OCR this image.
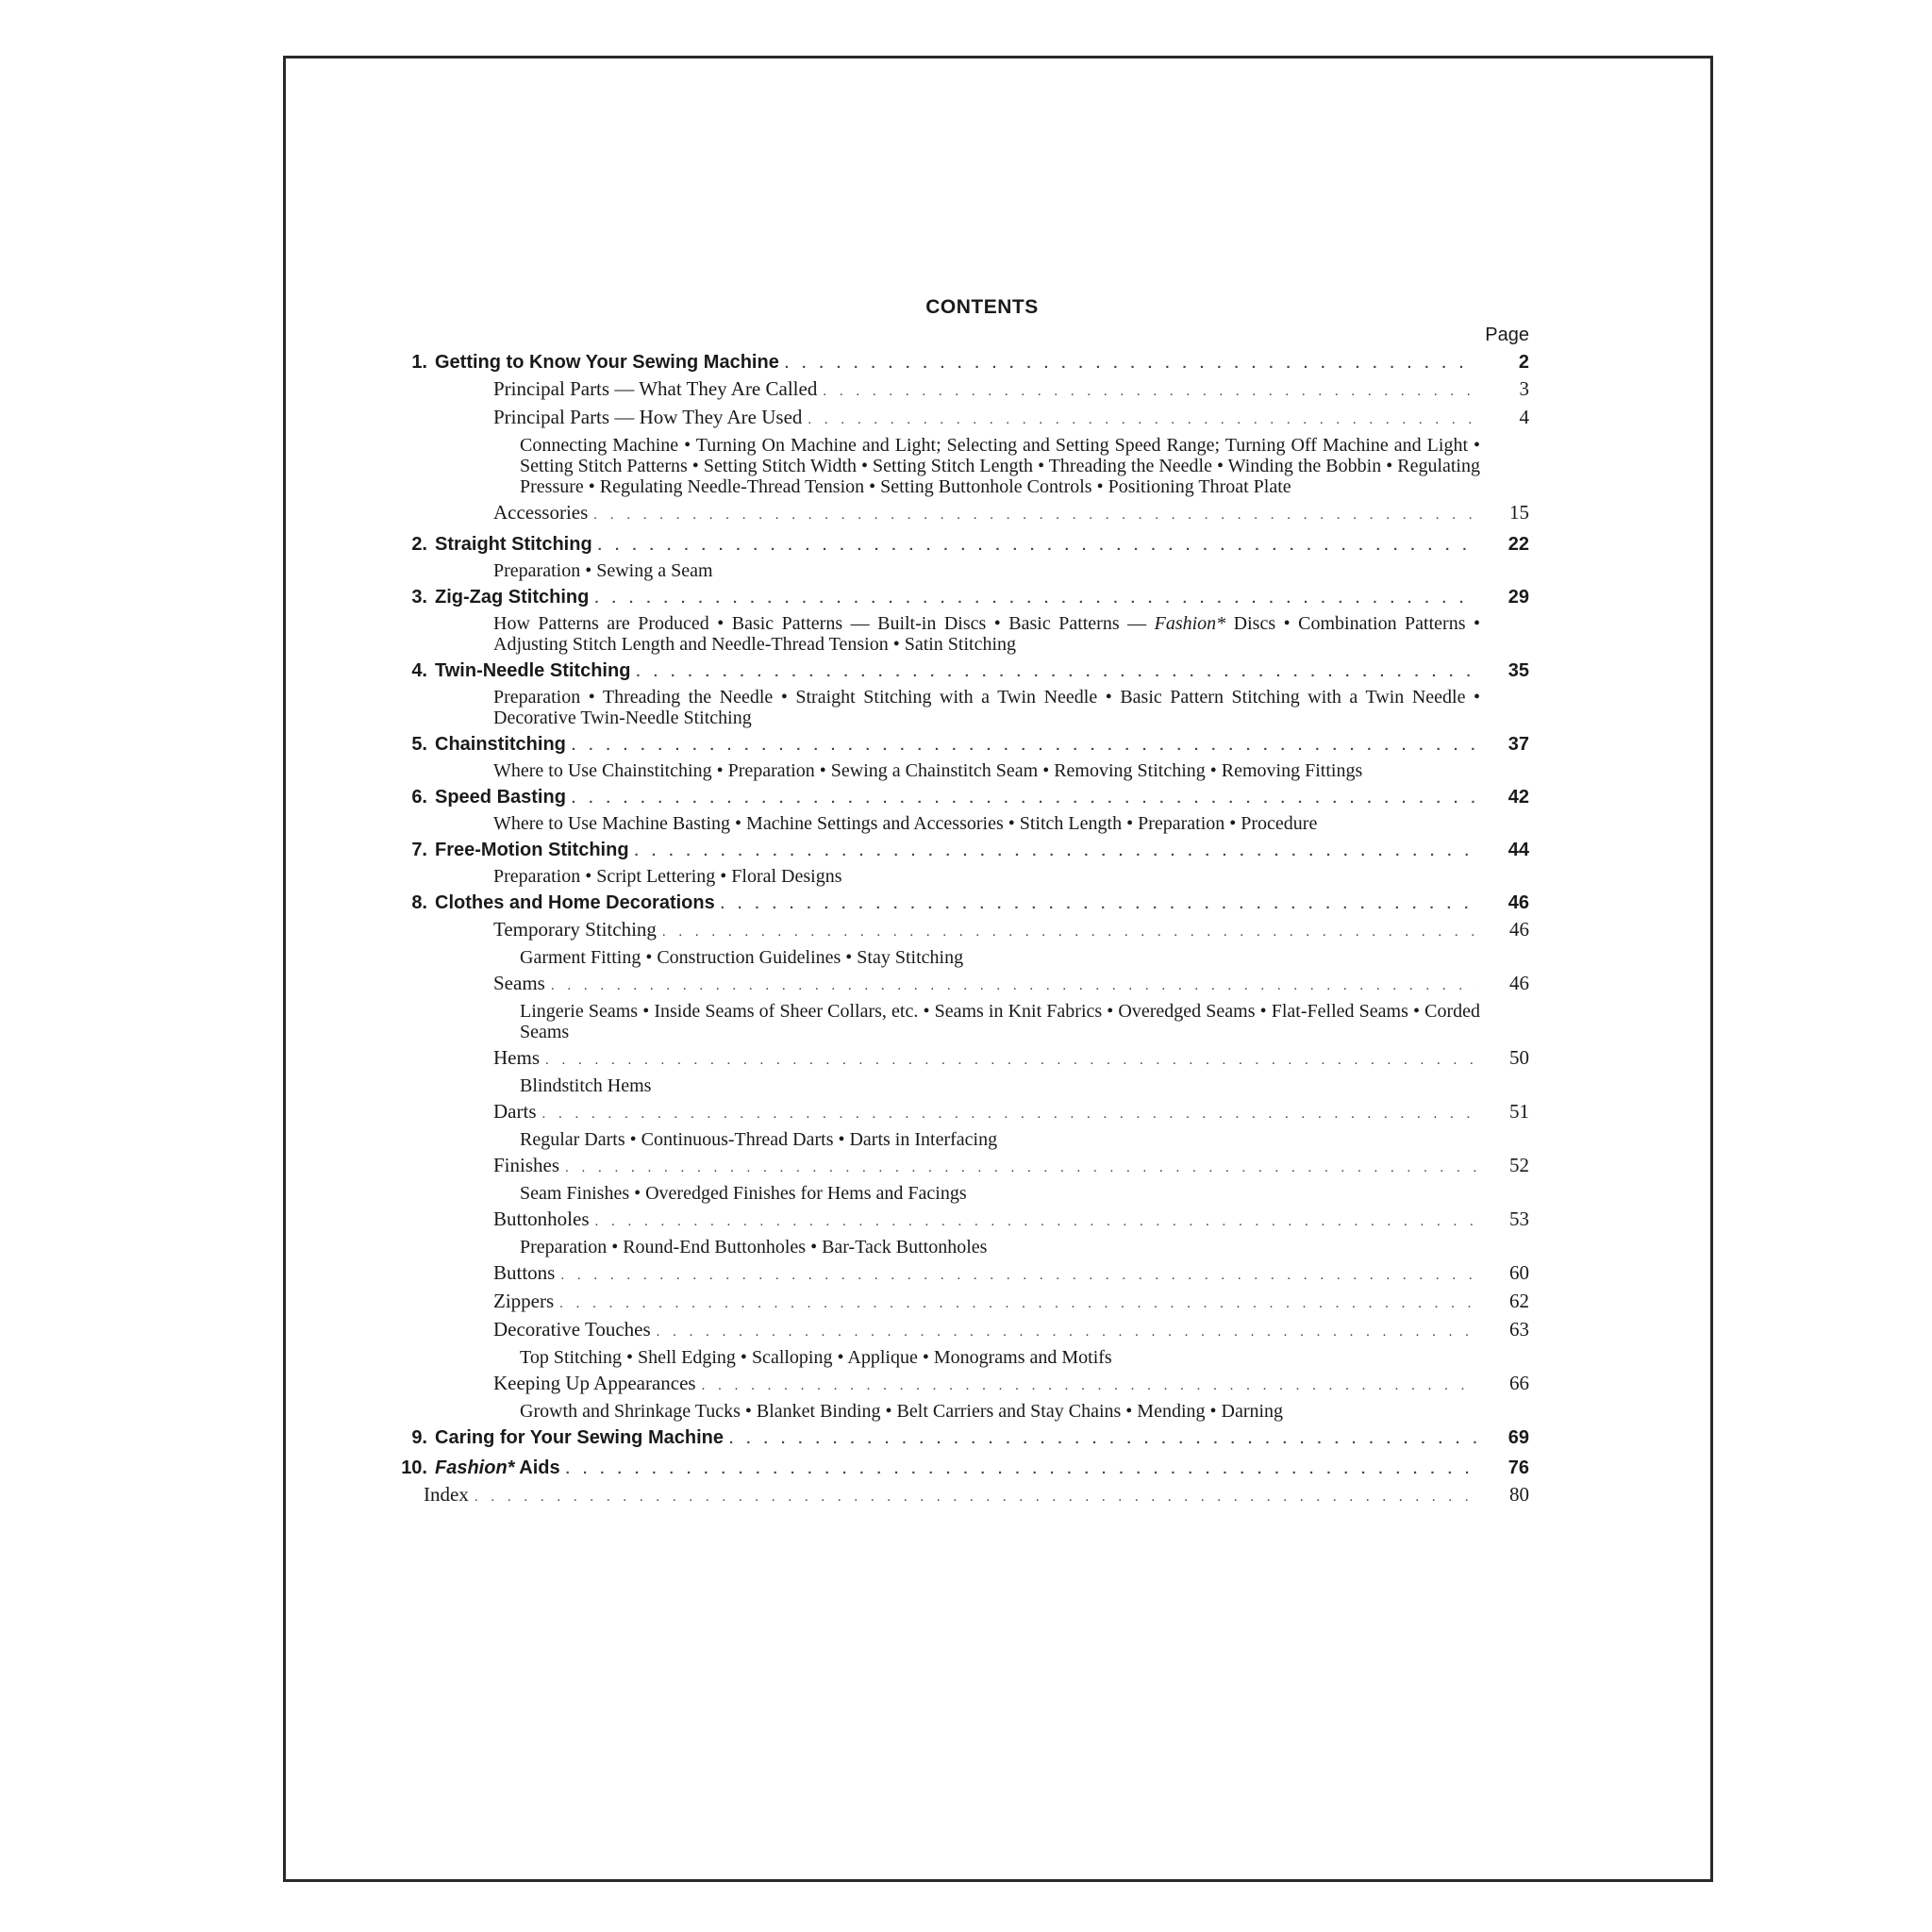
CONTENTS
Page
1. Getting to Know Your Sewing Machine . . .	2
Principal Parts — What They Are Called . . .	3
Principal Parts — How They Are Used . . .	4
Connecting Machine • Turning On Machine and Light; Selecting and Setting Speed Range; Turning Off Machine and Light • Setting Stitch Patterns • Setting Stitch Width • Setting Stitch Length • Threading the Needle • Winding the Bobbin • Regulating Pressure • Regulating Needle-Thread Tension • Setting Buttonhole Controls • Positioning Throat Plate
Accessories . . .	15
2. Straight Stitching . . .	22
Preparation • Sewing a Seam
3. Zig-Zag Stitching . . .	29
How Patterns are Produced • Basic Patterns — Built-in Discs • Basic Patterns — Fashion* Discs • Combination Patterns • Adjusting Stitch Length and Needle-Thread Tension • Satin Stitching
4. Twin-Needle Stitching . . .	35
Preparation • Threading the Needle • Straight Stitching with a Twin Needle • Basic Pattern Stitching with a Twin Needle • Decorative Twin-Needle Stitching
5. Chainstitching . . .	37
Where to Use Chainstitching • Preparation • Sewing a Chainstitch Seam • Removing Stitching • Removing Fittings
6. Speed Basting . . .	42
Where to Use Machine Basting • Machine Settings and Accessories • Stitch Length • Preparation • Procedure
7. Free-Motion Stitching . . .	44
Preparation • Script Lettering • Floral Designs
8. Clothes and Home Decorations . . .	46
Temporary Stitching . . .	46
Garment Fitting • Construction Guidelines • Stay Stitching
Seams . . .	46
Lingerie Seams • Inside Seams of Sheer Collars, etc. • Seams in Knit Fabrics • Overedged Seams • Flat-Felled Seams • Corded Seams
Hems . . .	50
Blindstitch Hems
Darts . . .	51
Regular Darts • Continuous-Thread Darts • Darts in Interfacing
Finishes . . .	52
Seam Finishes • Overedged Finishes for Hems and Facings
Buttonholes . . .	53
Preparation • Round-End Buttonholes • Bar-Tack Buttonholes
Buttons . . .	60
Zippers . . .	62
Decorative Touches . . .	63
Top Stitching • Shell Edging • Scalloping • Applique • Monograms and Motifs
Keeping Up Appearances . . .	66
Growth and Shrinkage Tucks • Blanket Binding • Belt Carriers and Stay Chains • Mending • Darning
9. Caring for Your Sewing Machine . . .	69
10. Fashion* Aids . . .	76
Index . . .	80
